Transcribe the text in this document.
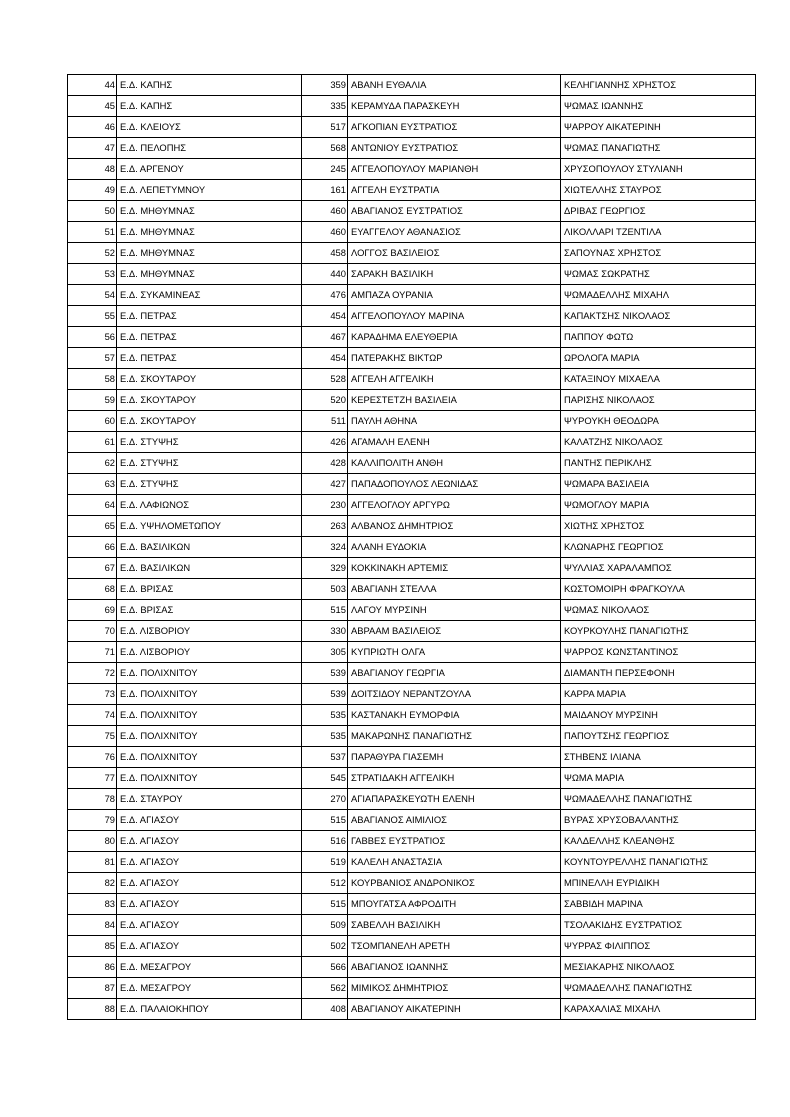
44	Ε.Δ. ΚΑΠΗΣ	359	ΑΒΑΝΗ ΕΥΘΑΛΙΑ	ΚΕΛΗΓΙΑΝΝΗΣ ΧΡΗΣΤΟΣ
45	Ε.Δ. ΚΑΠΗΣ	335	ΚΕΡΑΜΥΔΑ ΠΑΡΑΣΚΕΥΗ	ΨΩΜΑΣ ΙΩΑΝΝΗΣ
46	Ε.Δ. ΚΛΕΙΟΥΣ	517	ΑΓΚΟΠΙΑΝ ΕΥΣΤΡΑΤΙΟΣ	ΨΑΡΡΟΥ ΑΙΚΑΤΕΡΙΝΗ
47	Ε.Δ. ΠΕΛΟΠΗΣ	568	ΑΝΤΩΝΙΟΥ ΕΥΣΤΡΑΤΙΟΣ	ΨΩΜΑΣ ΠΑΝΑΓΙΩΤΗΣ
48	Ε.Δ. ΑΡΓΕΝΟΥ	245	ΑΓΓΕΛΟΠΟΥΛΟΥ ΜΑΡΙΑΝΘΗ	ΧΡΥΣΟΠΟΥΛΟΥ ΣΤΥΛΙΑΝΗ
49	Ε.Δ. ΛΕΠΕΤΥΜΝΟΥ	161	ΑΓΓΕΛΗ ΕΥΣΤΡΑΤΙΑ	ΧΙΩΤΕΛΛΗΣ ΣΤΑΥΡΟΣ
50	Ε.Δ. ΜΗΘΥΜΝΑΣ	460	ΑΒΑΓΙΑΝΟΣ ΕΥΣΤΡΑΤΙΟΣ	ΔΡΙΒΑΣ ΓΕΩΡΓΙΟΣ
51	Ε.Δ. ΜΗΘΥΜΝΑΣ	460	ΕΥΑΓΓΕΛΟΥ ΑΘΑΝΑΣΙΟΣ	ΛΙΚΟΛΛΑΡΙ ΤΖΕΝΤΙΛΑ
52	Ε.Δ. ΜΗΘΥΜΝΑΣ	458	ΛΟΓΓΟΣ ΒΑΣΙΛΕΙΟΣ	ΣΑΠΟΥΝΑΣ ΧΡΗΣΤΟΣ
53	Ε.Δ. ΜΗΘΥΜΝΑΣ	440	ΣΑΡΑΚΗ ΒΑΣΙΛΙΚΗ	ΨΩΜΑΣ ΣΩΚΡΑΤΗΣ
54	Ε.Δ. ΣΥΚΑΜΙΝΕΑΣ	476	ΑΜΠΑΖΑ ΟΥΡΑΝΙΑ	ΨΩΜΑΔΕΛΛΗΣ ΜΙΧΑΗΛ
55	Ε.Δ. ΠΕΤΡΑΣ	454	ΑΓΓΕΛΟΠΟΥΛΟΥ ΜΑΡΙΝΑ	ΚΑΠΑΚΤΣΗΣ ΝΙΚΟΛΑΟΣ
56	Ε.Δ. ΠΕΤΡΑΣ	467	ΚΑΡΑΔΗΜΑ ΕΛΕΥΘΕΡΙΑ	ΠΑΠΠΟΥ ΦΩΤΩ
57	Ε.Δ. ΠΕΤΡΑΣ	454	ΠΑΤΕΡΑΚΗΣ ΒΙΚΤΩΡ	ΩΡΟΛΟΓΑ ΜΑΡΙΑ
58	Ε.Δ. ΣΚΟΥΤΑΡΟΥ	528	ΑΓΓΕΛΗ ΑΓΓΕΛΙΚΗ	ΚΑΤΑΞΙΝΟΥ ΜΙΧΑΕΛΑ
59	Ε.Δ. ΣΚΟΥΤΑΡΟΥ	520	ΚΕΡΕΣΤΕΤΖΗ ΒΑΣΙΛΕΙΑ	ΠΑΡΙΣΗΣ ΝΙΚΟΛΑΟΣ
60	Ε.Δ. ΣΚΟΥΤΑΡΟΥ	511	ΠΑΥΛΗ ΑΘΗΝΑ	ΨΥΡΟΥΚΗ ΘΕΟΔΩΡΑ
61	Ε.Δ. ΣΤΥΨΗΣ	426	ΑΓΑΜΑΛΗ ΕΛΕΝΗ	ΚΑΛΑΤΖΗΣ ΝΙΚΟΛΑΟΣ
62	Ε.Δ. ΣΤΥΨΗΣ	428	ΚΑΛΛΙΠΟΛΙΤΗ ΑΝΘΗ	ΠΑΝΤΗΣ ΠΕΡΙΚΛΗΣ
63	Ε.Δ. ΣΤΥΨΗΣ	427	ΠΑΠΑΔΟΠΟΥΛΟΣ ΛΕΩΝΙΔΑΣ	ΨΩΜΑΡΑ ΒΑΣΙΛΕΙΑ
64	Ε.Δ. ΛΑΦΙΩΝΟΣ	230	ΑΓΓΕΛΟΓΛΟΥ ΑΡΓΥΡΩ	ΨΩΜΟΓΛΟΥ ΜΑΡΙΑ
65	Ε.Δ. ΥΨΗΛΟΜΕΤΩΠΟΥ	263	ΑΛΒΑΝΟΣ ΔΗΜΗΤΡΙΟΣ	ΧΙΩΤΗΣ ΧΡΗΣΤΟΣ
66	Ε.Δ. ΒΑΣΙΛΙΚΩΝ	324	ΑΛΑΝΗ ΕΥΔΟΚΙΑ	ΚΛΩΝΑΡΗΣ ΓΕΩΡΓΙΟΣ
67	Ε.Δ. ΒΑΣΙΛΙΚΩΝ	329	ΚΟΚΚΙΝΑΚΗ ΑΡΤΕΜΙΣ	ΨΥΛΛΙΑΣ ΧΑΡΑΛΑΜΠΟΣ
68	Ε.Δ. ΒΡΙΣΑΣ	503	ΑΒΑΓΙΑΝΗ ΣΤΕΛΛΑ	ΚΩΣΤΟΜΟΙΡΗ ΦΡΑΓΚΟΥΛΑ
69	Ε.Δ. ΒΡΙΣΑΣ	515	ΛΑΓΟΥ ΜΥΡΣΙΝΗ	ΨΩΜΑΣ ΝΙΚΟΛΑΟΣ
70	Ε.Δ. ΛΙΣΒΟΡΙΟΥ	330	ΑΒΡΑΑΜ ΒΑΣΙΛΕΙΟΣ	ΚΟΥΡΚΟΥΛΗΣ ΠΑΝΑΓΙΩΤΗΣ
71	Ε.Δ. ΛΙΣΒΟΡΙΟΥ	305	ΚΥΠΡΙΩΤΗ ΟΛΓΑ	ΨΑΡΡΟΣ ΚΩΝΣΤΑΝΤΙΝΟΣ
72	Ε.Δ. ΠΟΛΙΧΝΙΤΟΥ	539	ΑΒΑΓΙΑΝΟΥ ΓΕΩΡΓΙΑ	ΔΙΑΜΑΝΤΗ ΠΕΡΣΕΦΟΝΗ
73	Ε.Δ. ΠΟΛΙΧΝΙΤΟΥ	539	ΔΟΙΤΣΙΔΟΥ ΝΕΡΑΝΤΖΟΥΛΑ	ΚΑΡΡΑ ΜΑΡΙΑ
74	Ε.Δ. ΠΟΛΙΧΝΙΤΟΥ	535	ΚΑΣΤΑΝΑΚΗ ΕΥΜΟΡΦΙΑ	ΜΑΙΔΑΝΟΥ ΜΥΡΣΙΝΗ
75	Ε.Δ. ΠΟΛΙΧΝΙΤΟΥ	535	ΜΑΚΑΡΩΝΗΣ ΠΑΝΑΓΙΩΤΗΣ	ΠΑΠΟΥΤΣΗΣ ΓΕΩΡΓΙΟΣ
76	Ε.Δ. ΠΟΛΙΧΝΙΤΟΥ	537	ΠΑΡΑΘΥΡΑ ΓΙΑΣΕΜΗ	ΣΤΗΒΕΝΣ ΙΛΙΑΝΑ
77	Ε.Δ. ΠΟΛΙΧΝΙΤΟΥ	545	ΣΤΡΑΤΙΔΑΚΗ ΑΓΓΕΛΙΚΗ	ΨΩΜΑ ΜΑΡΙΑ
78	Ε.Δ. ΣΤΑΥΡΟΥ	270	ΑΓΙΑΠΑΡΑΣΚΕΥΩΤΗ ΕΛΕΝΗ	ΨΩΜΑΔΕΛΛΗΣ ΠΑΝΑΓΙΩΤΗΣ
79	Ε.Δ. ΑΓΙΑΣΟΥ	515	ΑΒΑΓΙΑΝΟΣ ΑΙΜΙΛΙΟΣ	ΒΥΡΑΣ ΧΡΥΣΟΒΑΛΑΝΤΗΣ
80	Ε.Δ. ΑΓΙΑΣΟΥ	516	ΓΑΒΒΕΣ ΕΥΣΤΡΑΤΙΟΣ	ΚΑΛΔΕΛΛΗΣ ΚΛΕΑΝΘΗΣ
81	Ε.Δ. ΑΓΙΑΣΟΥ	519	ΚΑΛΕΛΗ ΑΝΑΣΤΑΣΙΑ	ΚΟΥΝΤΟΥΡΕΛΛΗΣ ΠΑΝΑΓΙΩΤΗΣ
82	Ε.Δ. ΑΓΙΑΣΟΥ	512	ΚΟΥΡΒΑΝΙΟΣ ΑΝΔΡΟΝΙΚΟΣ	ΜΠΙΝΕΛΛΗ ΕΥΡΙΔΙΚΗ
83	Ε.Δ. ΑΓΙΑΣΟΥ	515	ΜΠΟΥΓΑΤΣΑ ΑΦΡΟΔΙΤΗ	ΣΑΒΒΙΔΗ ΜΑΡΙΝΑ
84	Ε.Δ. ΑΓΙΑΣΟΥ	509	ΣΑΒΕΛΛΗ ΒΑΣΙΛΙΚΗ	ΤΣΟΛΑΚΙΔΗΣ ΕΥΣΤΡΑΤΙΟΣ
85	Ε.Δ. ΑΓΙΑΣΟΥ	502	ΤΣΟΜΠΑΝΕΛΗ ΑΡΕΤΗ	ΨΥΡΡΑΣ ΦΙΛΙΠΠΟΣ
86	Ε.Δ. ΜΕΣΑΓΡΟΥ	566	ΑΒΑΓΙΑΝΟΣ ΙΩΑΝΝΗΣ	ΜΕΣΙΑΚΑΡΗΣ ΝΙΚΟΛΑΟΣ
87	Ε.Δ. ΜΕΣΑΓΡΟΥ	562	ΜΙΜΙΚΟΣ ΔΗΜΗΤΡΙΟΣ	ΨΩΜΑΔΕΛΛΗΣ ΠΑΝΑΓΙΩΤΗΣ
88	Ε.Δ. ΠΑΛΑΙΟΚΗΠΟΥ	408	ΑΒΑΓΙΑΝΟΥ ΑΙΚΑΤΕΡΙΝΗ	ΚΑΡΑΧΑΛΙΑΣ ΜΙΧΑΗΛ
